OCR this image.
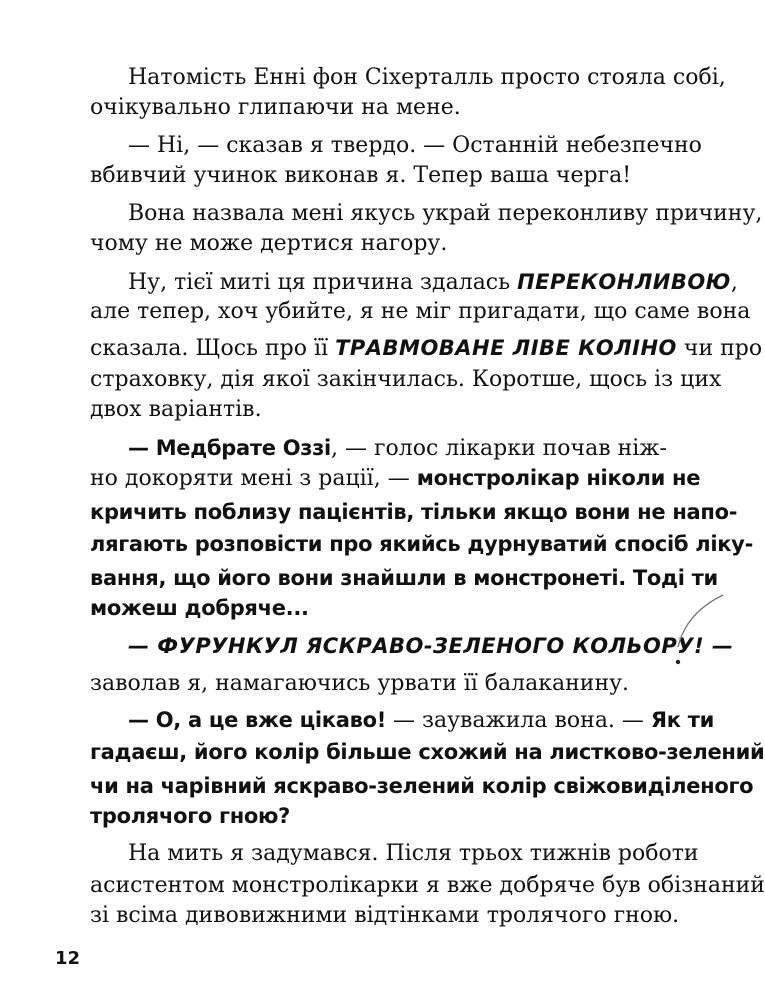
Натомість Енні фон Сіхерталль просто стояла собі,
очікувально глипаючи на мене.
— Ні, — сказав я твердо. — Останній небезпечно
вбивчий учинок виконав я. Тепер ваша черга!
Вона назвала мені якусь украй переконливу причину,
чому не може дертися нагору.
Ну, тієї миті ця причина здалась ПЕРЕКОНЛИВОЮ,
але тепер, хоч убийте, я не міг пригадати, що саме вона
сказала. Щось про її ТРАВМОВАНЕ ЛІВЕ КОЛІНО чи про
страховку, дія якої закінчилась. Коротше, щось із цих
двох варіантів.
— Медбрате Оззі, — голос лікарки почав ніж-
но докоряти мені з рації, — монстролікар ніколи не
кричить поблизу пацієнтів, тільки якщо вони не напо-
лягають розповісти про якийсь дурнуватий спосіб ліку-
вання, що його вони знайшли в монстронеті. Тоді ти
можеш добряче...
— ФУРУНКУЛ ЯСКРАВО-ЗЕЛЕНОГО КОЛЬОРУ! —
заволав я, намагаючись урвати її балаканину.
— О, а це вже цікаво! — зауважила вона. — Як ти
гадаєш, його колір більше схожий на листково-зелений
чи на чарівний яскраво-зелений колір свіжовиділеного
тролячого гною?
На мить я задумався. Після трьох тижнів роботи
асистентом монстролікарки я вже добряче був обізнаний
зі всіма дивовижними відтінками тролячого гною.
12
